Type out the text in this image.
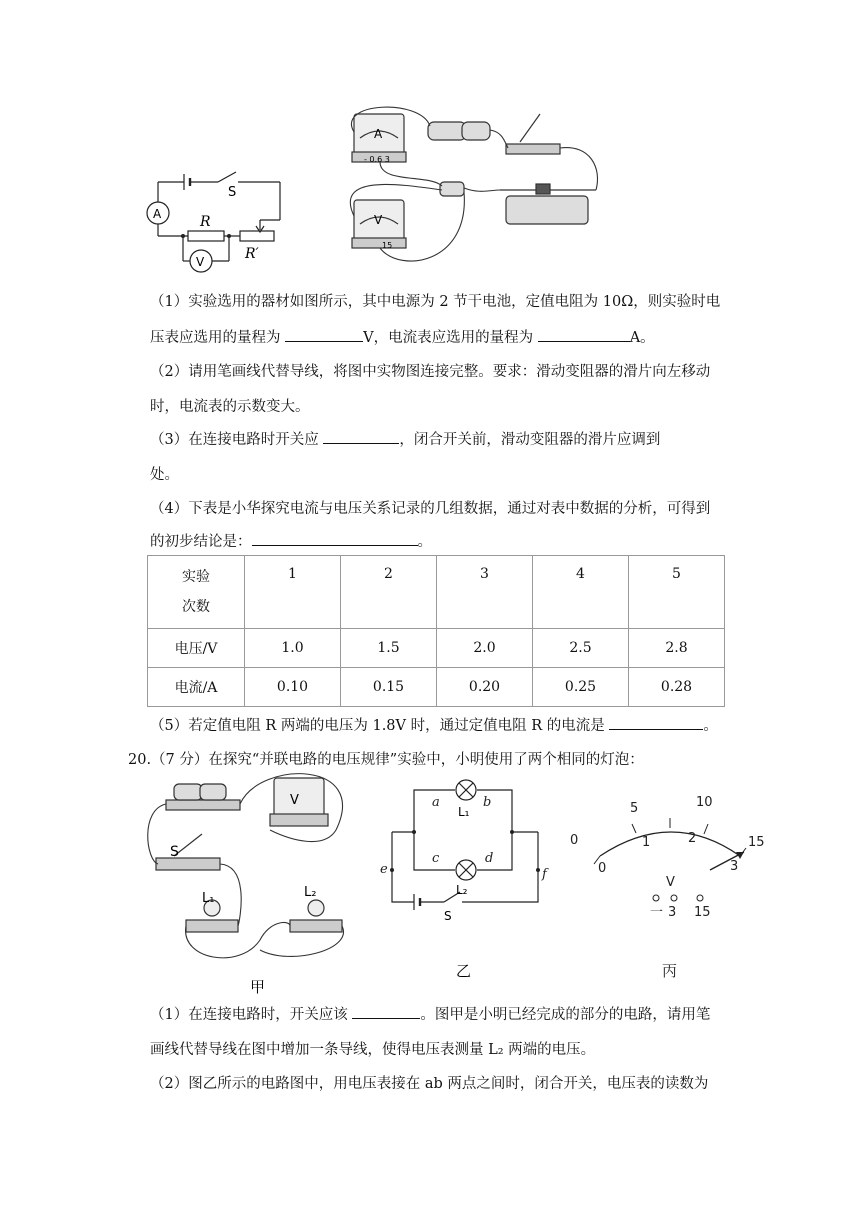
A
V
S
R
R′
A
- 0.6 3
V
15
（1）实验选用的器材如图所示，其中电源为 2 节干电池，定值电阻为 10Ω，则实验时电
压表应选用的量程为	V，电流表应选用的量程为	A。
（2）请用笔画线代替导线，将图中实物图连接完整。要求：滑动变阻器的滑片向左移动
时，电流表的示数变大。
（3）在连接电路时开关应	，闭合开关前，滑动变阻器的滑片应调到
处。
（4）下表是小华探究电流与电压关系记录的几组数据，通过对表中数据的分析，可得到
的初步结论是：	。
实验
次数	1	2	3	4	5
电压/V	1.0	1.5	2.0	2.5	2.8
电流/A	0.10	0.15	0.20	0.25	0.28
（5）若定值电阻 R 两端的电压为 1.8V 时，通过定值电阻 R 的电流是	。
20.（7 分）在探究“并联电路的电压规律”实验中，小明使用了两个相同的灯泡：
V
S
L₁	L₂
甲
a	b
c	d
e	f
L₁
L₂
S
乙
0
5	10
15
0
1	2
3
V
一 3 15
丙
（1）在连接电路时，开关应该	。图甲是小明已经完成的部分的电路，请用笔
画线代替导线在图中增加一条导线，使得电压表测量 L₂ 两端的电压。
（2）图乙所示的电路图中，用电压表接在 ab 两点之间时，闭合开关，电压表的读数为
